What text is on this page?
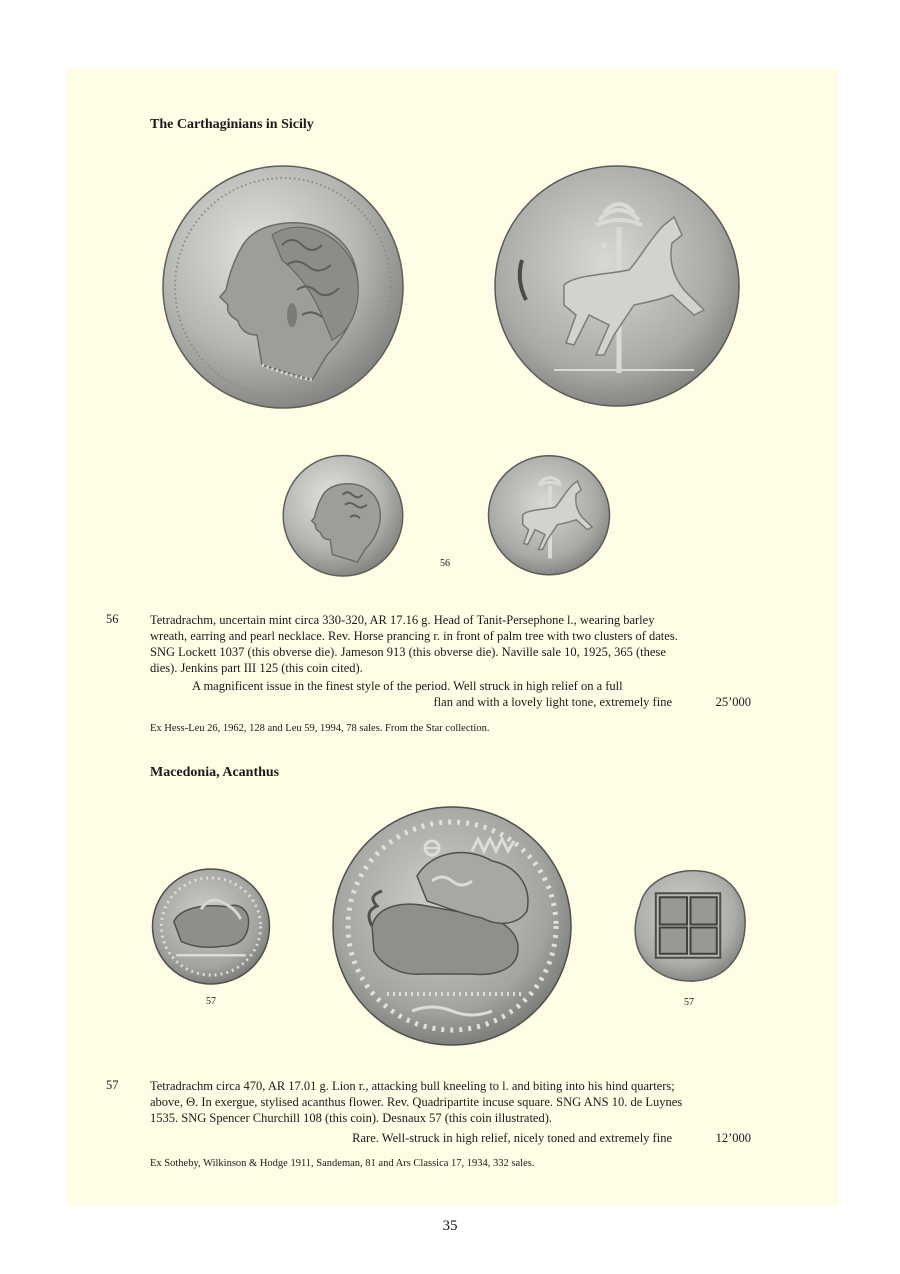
The Carthaginians in Sicily
56
56	Tetradrachm, uncertain mint circa 330-320, AR 17.16 g. Head of Tanit-Persephone l., wearing barley
wreath, earring and pearl necklace. Rev. Horse prancing r. in front of palm tree with two clusters of dates.
SNG Lockett 1037 (this obverse die). Jameson 913 (this obverse die). Naville sale 10, 1925, 365 (these
dies). Jenkins part III 125 (this coin cited).
A magnificent issue in the finest style of the period. Well struck in high relief on a full
flan and with a lovely light tone, extremely fine	25’000
Ex Hess-Leu 26, 1962, 128 and Leu 59, 1994, 78 sales. From the Star collection.
Macedonia, Acanthus
57	57
57	Tetradrachm circa 470, AR 17.01 g. Lion r., attacking bull kneeling to l. and biting into his hind quarters;
above, Θ. In exergue, stylised acanthus flower. Rev. Quadripartite incuse square. SNG ANS 10. de Luynes
1535. SNG Spencer Churchill 108 (this coin). Desnaux 57 (this coin illustrated).
Rare. Well-struck in high relief, nicely toned and extremely fine	12’000
Ex Sotheby, Wilkinson & Hodge 1911, Sandeman, 81 and Ars Classica 17, 1934, 332 sales.
35
